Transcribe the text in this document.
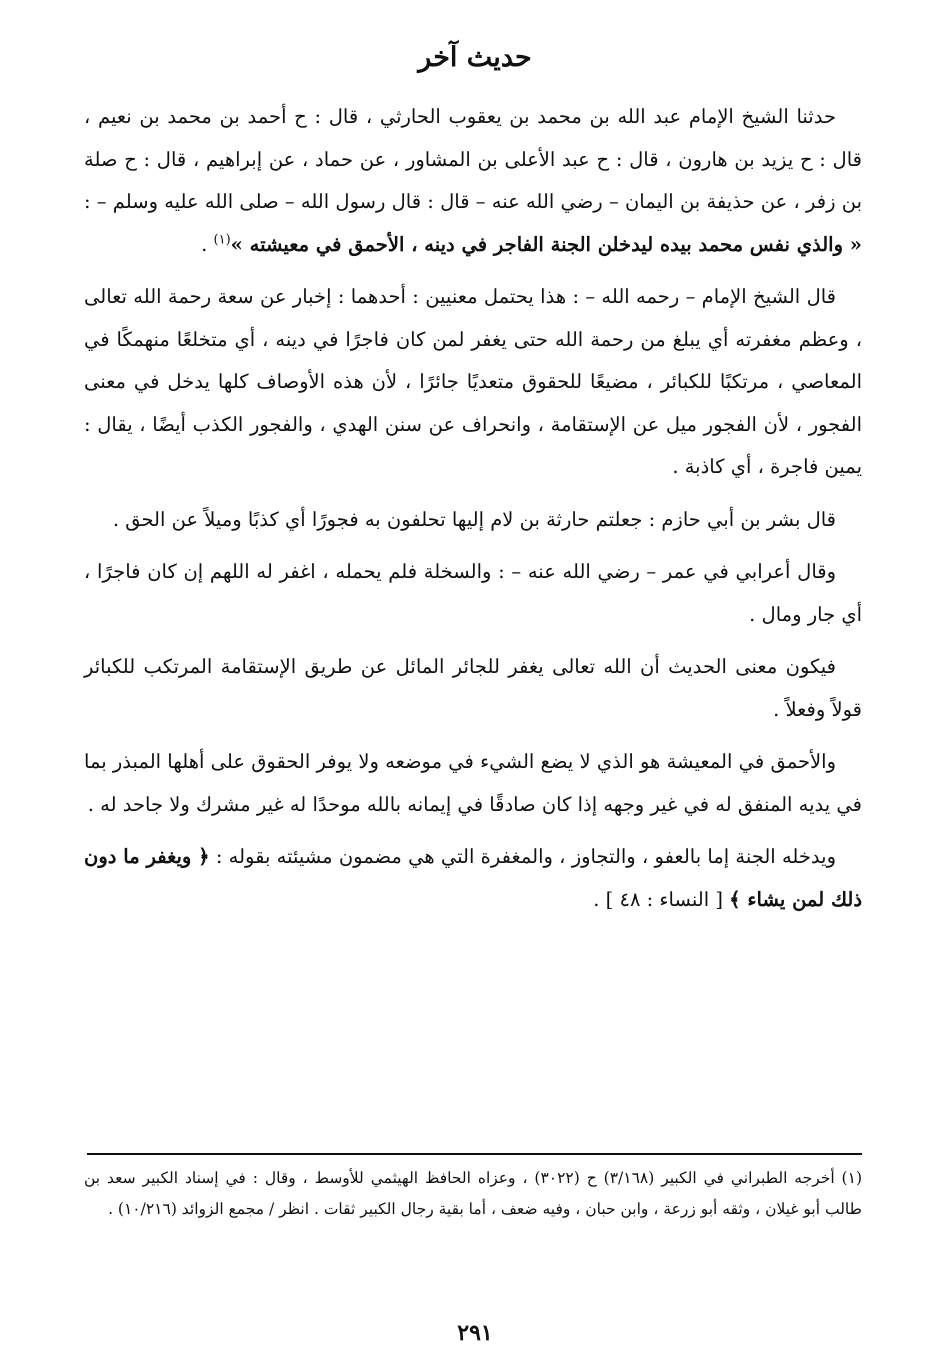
حديث آخر

حدثنا الشيخ الإمام عبد الله بن محمد بن يعقوب الحارثي ، قال : ح أحمد بن محمد بن نعيم ، قال : ح يزيد بن هارون ، قال : ح عبد الأعلى بن المشاور ، عن حماد ، عن إبراهيم ، قال : ح صلة بن زفر ، عن حذيفة بن اليمان – رضي الله عنه – قال : قال رسول الله – صلى الله عليه وسلم – : « والذي نفس محمد بيده ليدخلن الجنة الفاجر في دينه ، الأحمق في معيشته »$^{(١)}$ .

قال الشيخ الإمام – رحمه الله – : هذا يحتمل معنيين : أحدهما : إخبار عن سعة رحمة الله تعالى ، وعظم مغفرته أي يبلغ من رحمة الله حتى يغفر لمن كان فاجرًا في دينه ، أي متخلعًا منهمكًا في المعاصي ، مرتكبًا للكبائر ، مضيعًا للحقوق متعديًا جائرًا ، لأن هذه الأوصاف كلها يدخل في معنى الفجور ، لأن الفجور ميل عن الإستقامة ، وانحراف عن سنن الهدي ، والفجور الكذب أيضًا ، يقال : يمين فاجرة ، أي كاذبة .

قال بشر بن أبي حازم : جعلتم حارثة بن لام إليها تحلفون به فجورًا أي كذبًا وميلاً عن الحق .

وقال أعرابي في عمر – رضي الله عنه – : والسخلة فلم يحمله ، اغفر له اللهم إن كان فاجرًا ، أي جار ومال .

فيكون معنى الحديث أن الله تعالى يغفر للجائر المائل عن طريق الإستقامة المرتكب للكبائر قولاً وفعلاً .

والأحمق في المعيشة هو الذي لا يضع الشيء في موضعه ولا يوفر الحقوق على أهلها المبذر بما في يديه المنفق له في غير وجهه إذا كان صادقًا في إيمانه بالله موحدًا له غير مشرك ولا جاحد له .

ويدخله الجنة إما بالعفو ، والتجاوز ، والمغفرة التي هي مضمون مشيئته بقوله : ﴿ ويغفر ما دون ذلك لمن يشاء ﴾ [ النساء : ٤٨ ] .

(١) أخرجه الطبراني في الكبير (٣/١٦٨) ح (٣٠٢٢) ، وعزاه الحافظ الهيثمي للأوسط ، وقال : في إسناد الكبير سعد بن طالب أبو غيلان ، وثقه أبو زرعة ، وابن حبان ، وفيه ضعف ، أما بقية رجال الكبير ثقات . انظر / مجمع الزوائد (١٠/٢١٦) .

٢٩١
